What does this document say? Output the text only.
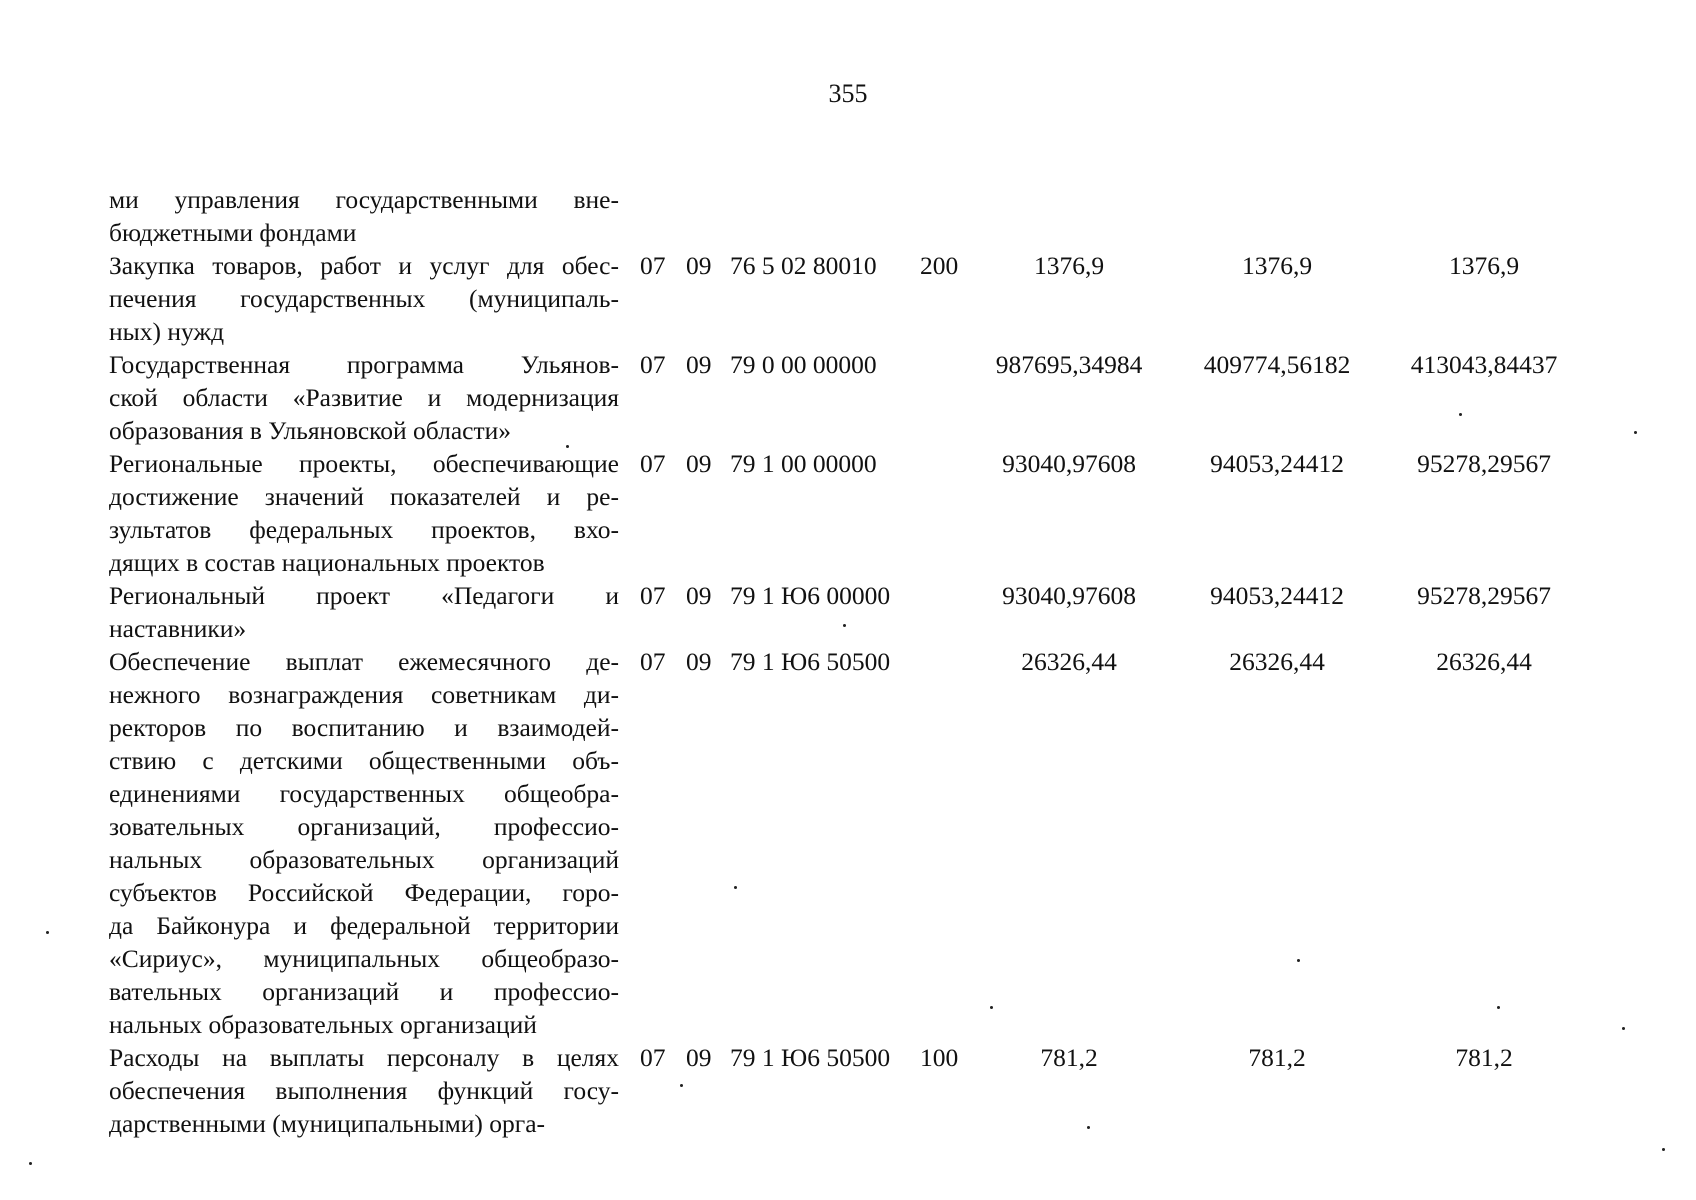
355
ми управления государственными вне-
бюджетными фондами
Закупка товаров, работ и услуг для обес-
печения государственных (муниципаль-
ных) нужд
07 09 76 5 02 80010 200	1376,9	1376,9	1376,9
Государственная программа Ульянов-
ской области «Развитие и модернизация
образования в Ульяновской области»
07 09 79 0 00 00000	987695,34984	409774,56182	413043,84437
Региональные проекты, обеспечивающие
достижение значений показателей и ре-
зультатов федеральных проектов, вхо-
дящих в состав национальных проектов
07 09 79 1 00 00000	93040,97608	94053,24412	95278,29567
Региональный проект «Педагоги и
наставники»
07 09 79 1 Ю6 00000	93040,97608	94053,24412	95278,29567
Обеспечение выплат ежемесячного де-
нежного вознаграждения советникам ди-
ректоров по воспитанию и взаимодей-
ствию с детскими общественными объ-
единениями государственных общеобра-
зовательных организаций, профессио-
нальных образовательных организаций
субъектов Российской Федерации, горо-
да Байконура и федеральной территории
«Сириус», муниципальных общеобразо-
вательных организаций и профессио-
нальных образовательных организаций
07 09 79 1 Ю6 50500	26326,44	26326,44	26326,44
Расходы на выплаты персоналу в целях
обеспечения выполнения функций госу-
дарственными (муниципальными) орга-
07 09 79 1 Ю6 50500 100	781,2	781,2	781,2
